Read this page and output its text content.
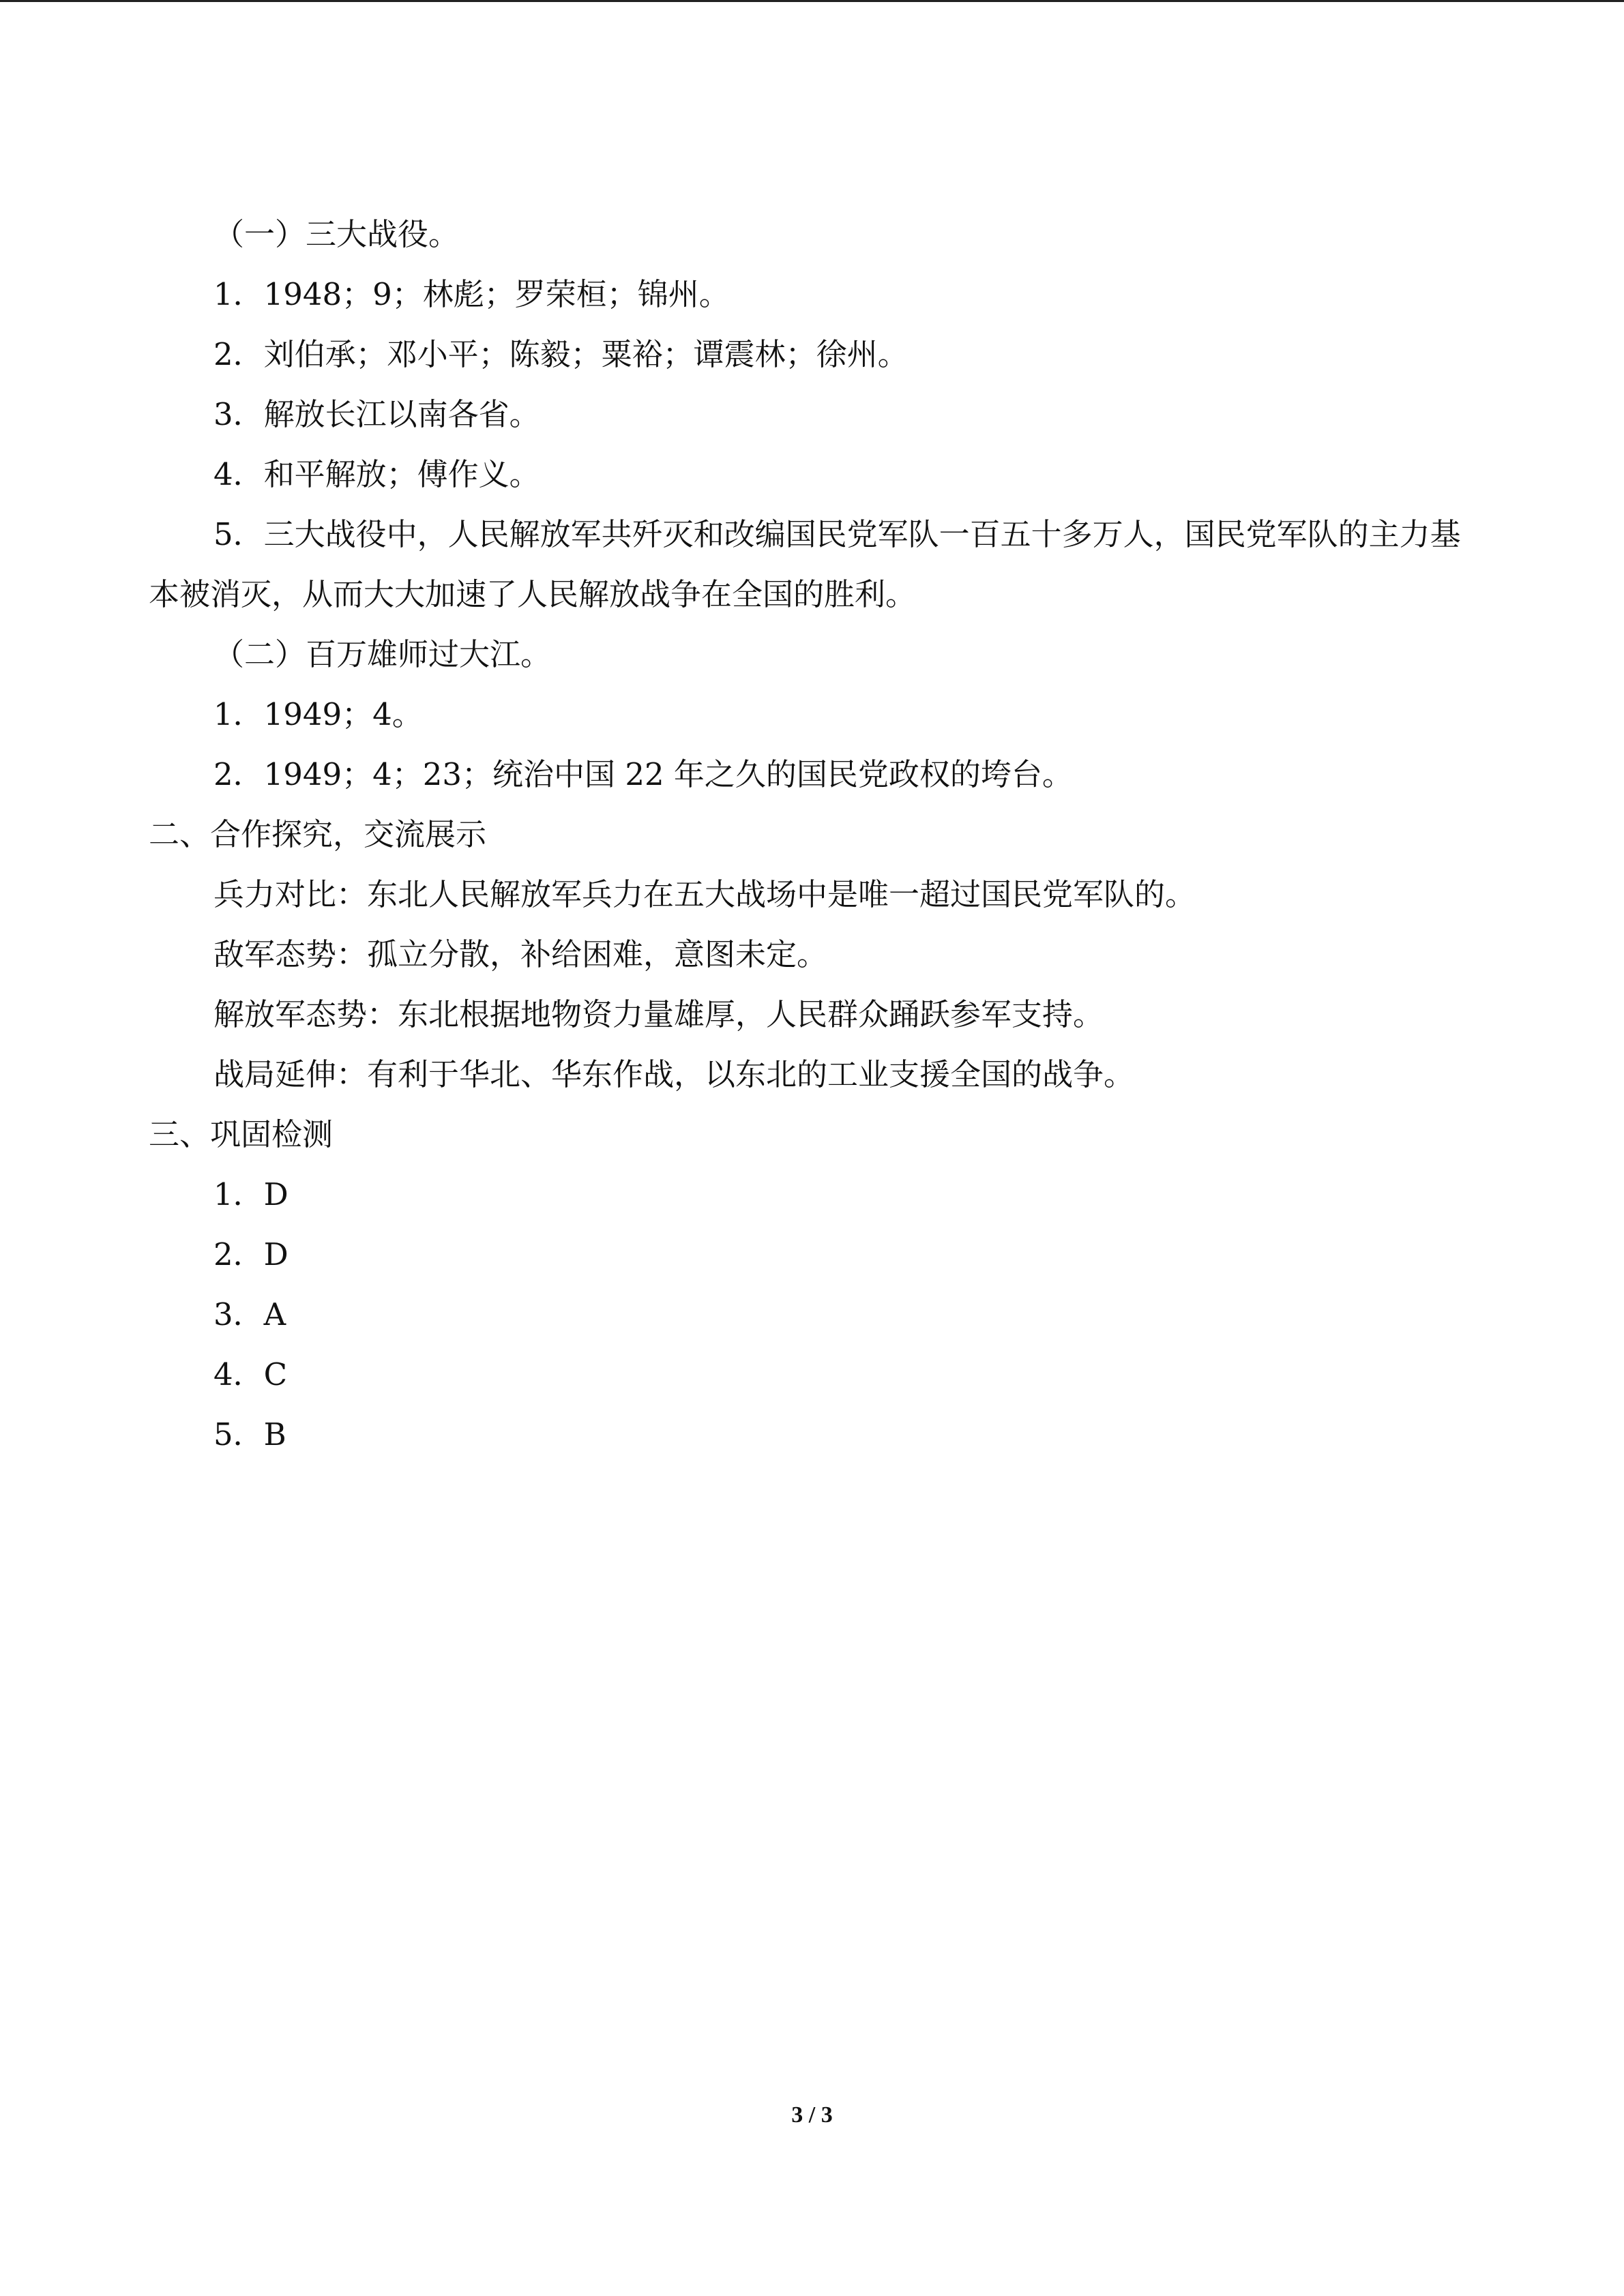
（一）三大战役。

1．1948；9；林彪；罗荣桓；锦州。

2．刘伯承；邓小平；陈毅；粟裕；谭震林；徐州。

3．解放长江以南各省。

4．和平解放；傅作义。

5．三大战役中，人民解放军共歼灭和改编国民党军队一百五十多万人，国民党军队的主力基本被消灭，从而大大加速了人民解放战争在全国的胜利。

（二）百万雄师过大江。

1．1949；4。

2．1949；4；23；统治中国 22 年之久的国民党政权的垮台。

二、合作探究，交流展示

兵力对比：东北人民解放军兵力在五大战场中是唯一超过国民党军队的。

敌军态势：孤立分散，补给困难，意图未定。

解放军态势：东北根据地物资力量雄厚，人民群众踊跃参军支持。

战局延伸：有利于华北、华东作战，以东北的工业支援全国的战争。

三、巩固检测

1．D

2．D

3．A

4．C

5．B

3 / 3
